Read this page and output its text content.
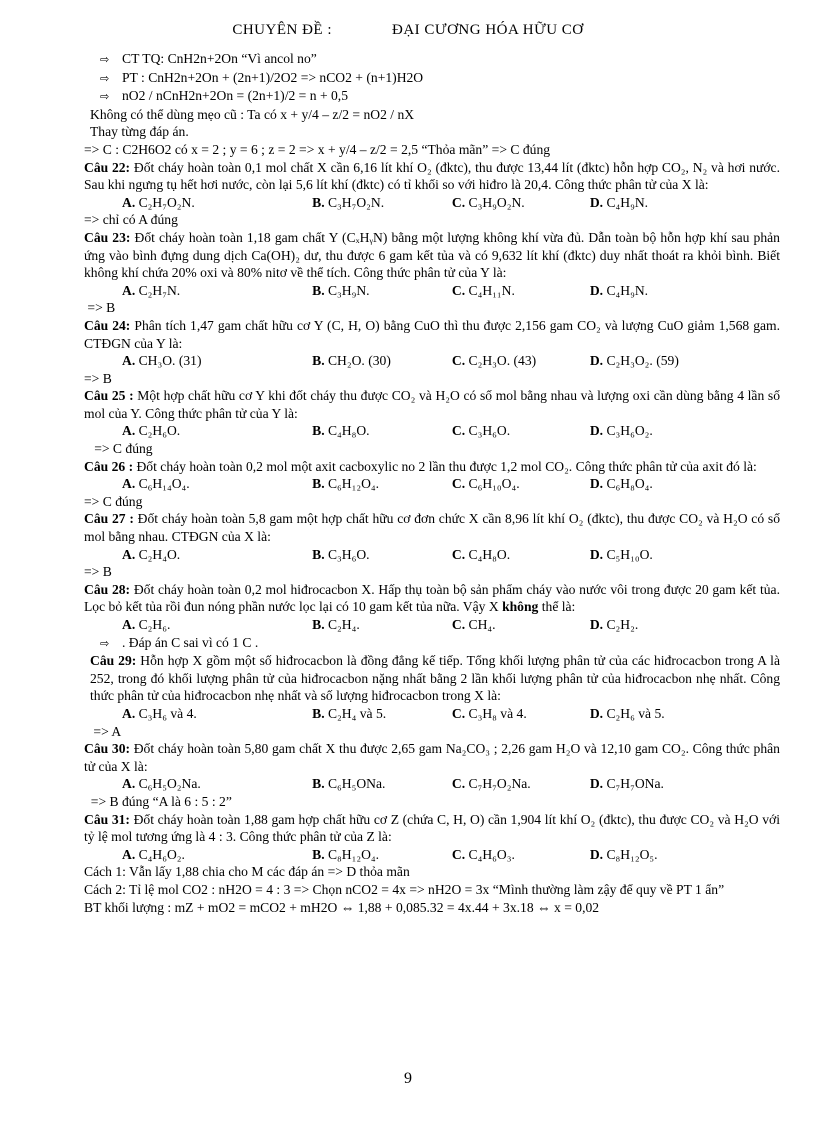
CHUYÊN ĐỀ :	ĐẠI CƯƠNG HÓA HỮU CƠ
⇨ CT TQ: CnH2n+2On “Vì ancol no”
⇨ PT : CnH2n+2On + (2n+1)/2O2 => nCO2 + (n+1)H2O
⇨ nO2 / nCnH2n+2On = (2n+1)/2 = n + 0,5
Không có thể dùng mẹo cũ : Ta có x + y/4 – z/2 = nO2 / nX
Thay từng đáp án.
=> C : C2H6O2 có x = 2 ; y = 6 ; z = 2 => x + y/4 – z/2 = 2,5 “Thỏa mãn” => C đúng
Câu 22: Đốt cháy hoàn toàn 0,1 mol chất X cần 6,16 lít khí O₂ (đktc), thu được 13,44 lít (đktc) hỗn hợp CO₂, N₂ và hơi nước. Sau khi ngưng tụ hết hơi nước, còn lại 5,6 lít khí (đktc) có tỉ khối so với hiđro là 20,4. Công thức phân tử của X là:
A. C₂H₇O₂N.	B. C₃H₇O₂N.	C. C₃H₉O₂N.	D. C₄H₉N.
=> chỉ có A đúng
Câu 23: Đốt cháy hoàn toàn 1,18 gam chất Y (CₓHᵧN) bằng một lượng không khí vừa đủ. Dẫn toàn bộ hỗn hợp khí sau phản ứng vào bình đựng dung dịch Ca(OH)₂ dư, thu được 6 gam kết tủa và có 9,632 lít khí (đktc) duy nhất thoát ra khỏi bình. Biết không khí chứa 20% oxi và 80% nitơ về thể tích. Công thức phân tử của Y là:
A. C₂H₇N.	B. C₃H₉N.	C. C₄H₁₁N.	D. C₄H₉N.
=> B
Câu 24: Phân tích 1,47 gam chất hữu cơ Y (C, H, O) bằng CuO thì thu được 2,156 gam CO₂ và lượng CuO giảm 1,568 gam. CTĐGN của Y là:
A. CH₃O. (31)	B. CH₂O. (30)	C. C₂H₃O. (43)	D. C₂H₃O₂. (59)
=> B
Câu 25 : Một hợp chất hữu cơ Y khi đốt cháy thu được CO₂ và H₂O có số mol bằng nhau và lượng oxi cần dùng bằng 4 lần số mol của Y. Công thức phân tử của Y là:
A. C₂H₆O.	B. C₄H₈O.	C. C₃H₆O.	D. C₃H₆O₂.
=> C đúng
Câu 26 : Đốt cháy hoàn toàn 0,2 mol một axit cacboxylic no 2 lần thu được 1,2 mol CO₂. Công thức phân tử của axit đó là:
A. C₆H₁₄O₄.	B. C₆H₁₂O₄.	C. C₆H₁₀O₄.	D. C₆H₈O₄.
=> C đúng
Câu 27 : Đốt cháy hoàn toàn 5,8 gam một hợp chất hữu cơ đơn chức X cần 8,96 lít khí O₂ (đktc), thu được CO₂ và H₂O có số mol bằng nhau. CTĐGN của X là:
A. C₂H₄O.	B. C₃H₆O.	C. C₄H₈O.	D. C₅H₁₀O.
=> B
Câu 28: Đốt cháy hoàn toàn 0,2 mol hiđrocacbon X. Hấp thụ toàn bộ sản phẩm cháy vào nước vôi trong được 20 gam kết tủa. Lọc bỏ kết tủa rồi đun nóng phần nước lọc lại có 10 gam kết tủa nữa. Vậy X không thể là:
A. C₂H₆.	B. C₂H₄.	C. CH₄.	D. C₂H₂.
⇨ . Đáp án C sai vì có 1 C .
Câu 29: Hỗn hợp X gồm một số hiđrocacbon là đồng đẳng kế tiếp. Tổng khối lượng phân tử của các hiđrocacbon trong A là 252, trong đó khối lượng phân tử của hiđrocacbon nặng nhất bằng 2 lần khối lượng phân tử của hiđrocacbon nhẹ nhất. Công thức phân tử của hiđrocacbon nhẹ nhất và số lượng hiđrocacbon trong X là:
A. C₃H₆ và 4.	B. C₂H₄ và 5.	C. C₃H₈ và 4.	D. C₂H₆ và 5.
=> A
Câu 30: Đốt cháy hoàn toàn 5,80 gam chất X thu được 2,65 gam Na₂CO₃ ; 2,26 gam H₂O và 12,10 gam CO₂. Công thức phân tử của X là:
A. C₆H₅O₂Na.	B. C₆H₅ONa.	C. C₇H₇O₂Na.	D. C₇H₇ONa.
=> B đúng “A là 6 : 5 : 2”
Câu 31: Đốt cháy hoàn toàn 1,88 gam hợp chất hữu cơ Z (chứa C, H, O) cần 1,904 lít khí O₂ (đktc), thu được CO₂ và H₂O với tỷ lệ mol tương ứng là 4 : 3. Công thức phân tử của Z là:
A. C₄H₆O₂.	B. C₈H₁₂O₄.	C. C₄H₆O₃.	D. C₈H₁₂O₅.
Cách 1: Vẫn lấy 1,88 chia cho M các đáp án => D thỏa mãn
Cách 2: Tỉ lệ mol CO2 : nH2O = 4 : 3 => Chọn nCO2 = 4x => nH2O = 3x “Mình thường làm zậy để quy về PT 1 ẩn”
BT khối lượng : mZ + mO2 = mCO2 + mH2O ⇔ 1,88 + 0,085.32 = 4x.44 + 3x.18 ⇔ x = 0,02
9
